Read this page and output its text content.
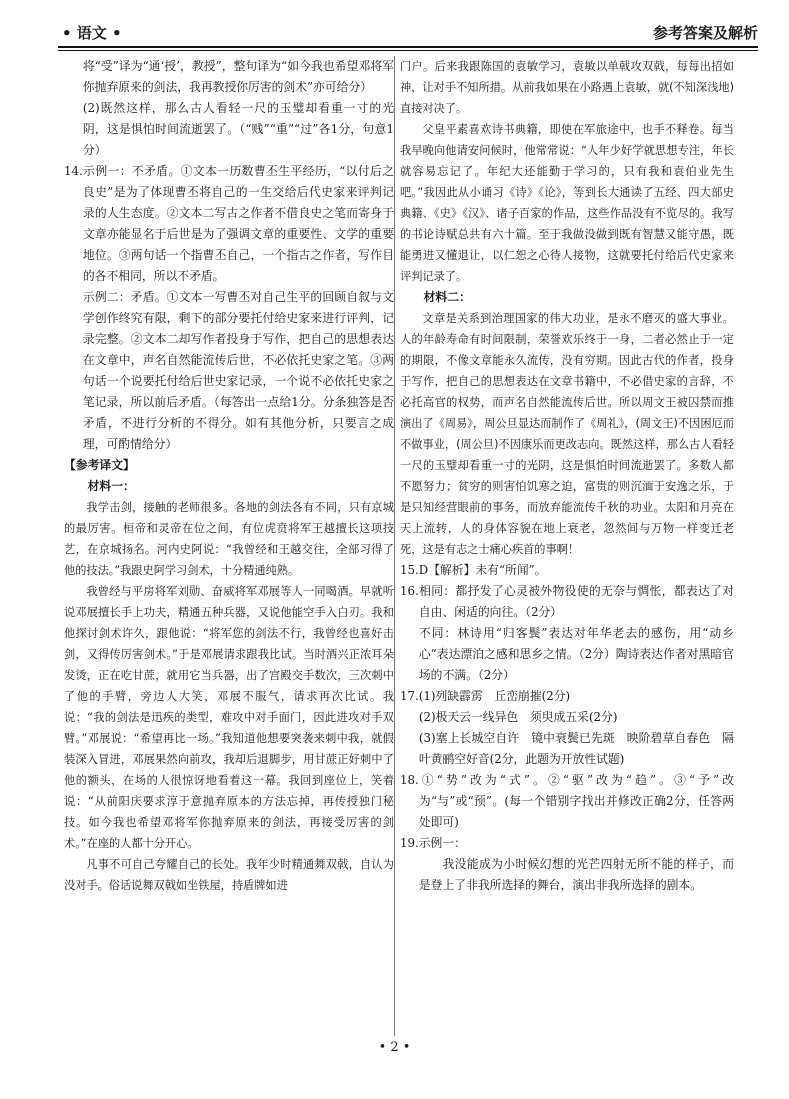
• 语文 •	参考答案及解析

将“受”译为“通‘授’，教授”，整句译为“如今我也希望邓将军你抛弃原来的剑法，我再教授你厉害的剑术”亦可给分）

(2)既然这样，那么古人看轻一尺的玉璧却看重一寸的光阴，这是惧怕时间流逝罢了。（“贱”“重”“过”各1分，句意1分）

14.示例一：不矛盾。①文本一历数曹丕生平经历，“以付后之良史”是为了体现曹丕将自己的一生交给后代史家来评判记录的人生态度。②文本二写古之作者不借良史之笔而寄身于文章亦能显名于后世是为了强调文章的重要性、文学的重要地位。③两句话一个指曹丕自己，一个指古之作者，写作目的各不相同，所以不矛盾。

示例二：矛盾。①文本一写曹丕对自己生平的回顾自叙与文学创作终究有限，剩下的部分要托付给史家来进行评判，记录完整。②文本二却写作者投身于写作，把自己的思想表达在文章中，声名自然能流传后世，不必依托史家之笔。③两句话一个说要托付给后世史家记录，一个说不必依托史家之笔记录，所以前后矛盾。（每答出一点给1分。分条独答是否矛盾，不进行分析的不得分。如有其他分析，只要言之成理，可酌情给分）

【参考译文】

材料一：

我学击剑，接触的老师很多。各地的剑法各有不同，只有京城的最厉害。桓帝和灵帝在位之间，有位虎贲将军王越擅长这项技艺，在京城扬名。河内史阿说：“我曾经和王越交往，全部习得了他的技法。”我跟史阿学习剑术，十分精通纯熟。

我曾经与平房将军刘勋、奋威将军邓展等人一同喝酒。早就听说邓展擅长手上功夫，精通五种兵器，又说他能空手入白刃。我和他探讨剑术许久，跟他说：“将军您的剑法不行，我曾经也喜好击剑，又得传厉害剑术。”于是邓展请求跟我比试。当时酒兴正浓耳朵发烫，正在吃甘蔗，就用它当兵器，出了宫殿交手数次，三次刺中了他的手臂，旁边人大笑，邓展不服气，请求再次比试。我说：“我的剑法是迅疾的类型，难攻中对手面门，因此进攻对手双臂。”邓展说：“希望再比一场。”我知道他想要突袭来刺中我，就假装深入冒进，邓展果然向前攻，我却后退脚步，用甘蔗正好刺中了他的额头，在场的人很惊讶地看着这一幕。我回到座位上，笑着说：“从前阳庆要求淳于意抛弃原本的方法忘掉，再传授独门秘技。如今我也希望邓将军你抛弃原来的剑法，再接受厉害的剑术。”在座的人都十分开心。

凡事不可自己夸耀自己的长处。我年少时精通舞双戟，自认为没对手。俗话说舞双戟如坐铁屋，持盾牌如进

门户。后来我跟陈国的袁敏学习，袁敏以单戟攻双戟，每每出招如神，让对手不知所措。从前我如果在小路遇上袁敏，就(不知深浅地)直接对决了。

父皇平素喜欢诗书典籍，即使在军旅途中，也手不释卷。每当我早晚向他请安问候时，他常常说：“人年少好学就思想专注，年长就容易忘记了。年纪大还能勤于学习的，只有我和袁伯业先生吧。”我因此从小诵习《诗》《论》，等到长大通读了五经、四大部史典籍、《史》《汉》、诸子百家的作品，这些作品没有不览尽的。我写的书论诗赋总共有六十篇。至于我做没做到既有智慧又能守愚，既能勇进又懂退让，以仁恕之心待人接物，这就要托付给后代史家来评判记录了。

材料二：

文章是关系到治理国家的伟大功业，是永不磨灭的盛大事业。人的年龄寿命有时间限制，荣誉欢乐终于一身，二者必然止于一定的期限，不像文章能永久流传，没有穷期。因此古代的作者，投身于写作，把自己的思想表达在文章书籍中，不必借史家的言辞，不必托高官的权势，而声名自然能流传后世。所以周文王被囚禁而推演出了《周易》，周公旦显达而制作了《周礼》，(周文王)不因困厄而不做事业，(周公旦)不因康乐而更改志向。既然这样，那么古人看轻一尺的玉璧却看重一寸的光阴，这是惧怕时间流逝罢了。多数人都不愿努力；贫穷的则害怕饥寒之迫，富贵的则沉湎于安逸之乐，于是只知经营眼前的事务，而放弃能流传千秋的功业。太阳和月亮在天上流转，人的身体容貌在地上衰老，忽然间与万物一样变迁老死，这是有志之士痛心疾首的事啊！

15.D【解析】未有“所闻”。

16.相同：都抒发了心灵被外物役使的无奈与惆怅，都表达了对自由、闲适的向往。（2分）

不同：林诗用“归客鬓”表达对年华老去的感伤，用“动乡心”表达漂泊之感和思乡之情。（2分）陶诗表达作者对黑暗官场的不满。（2分）

17.(1)列缺霹雳　丘峦崩摧(2分)

(2)极天云一线异色　须臾成五采(2分)

(3)塞上长城空自许　镜中衰鬓已先斑　映阶碧草自春色　隔叶黄鹂空好音(2分，此题为开放性试题)

18.①“势”改为“式”。②“驱”改为“趋”。③“予”改为“与”或“预”。(每一个错别字找出并修改正确2分，任答两处即可)

19.示例一：

我没能成为小时候幻想的光芒四射无所不能的样子，而是登上了非我所选择的舞台，演出非我所选择的剧本。

• 2 •
